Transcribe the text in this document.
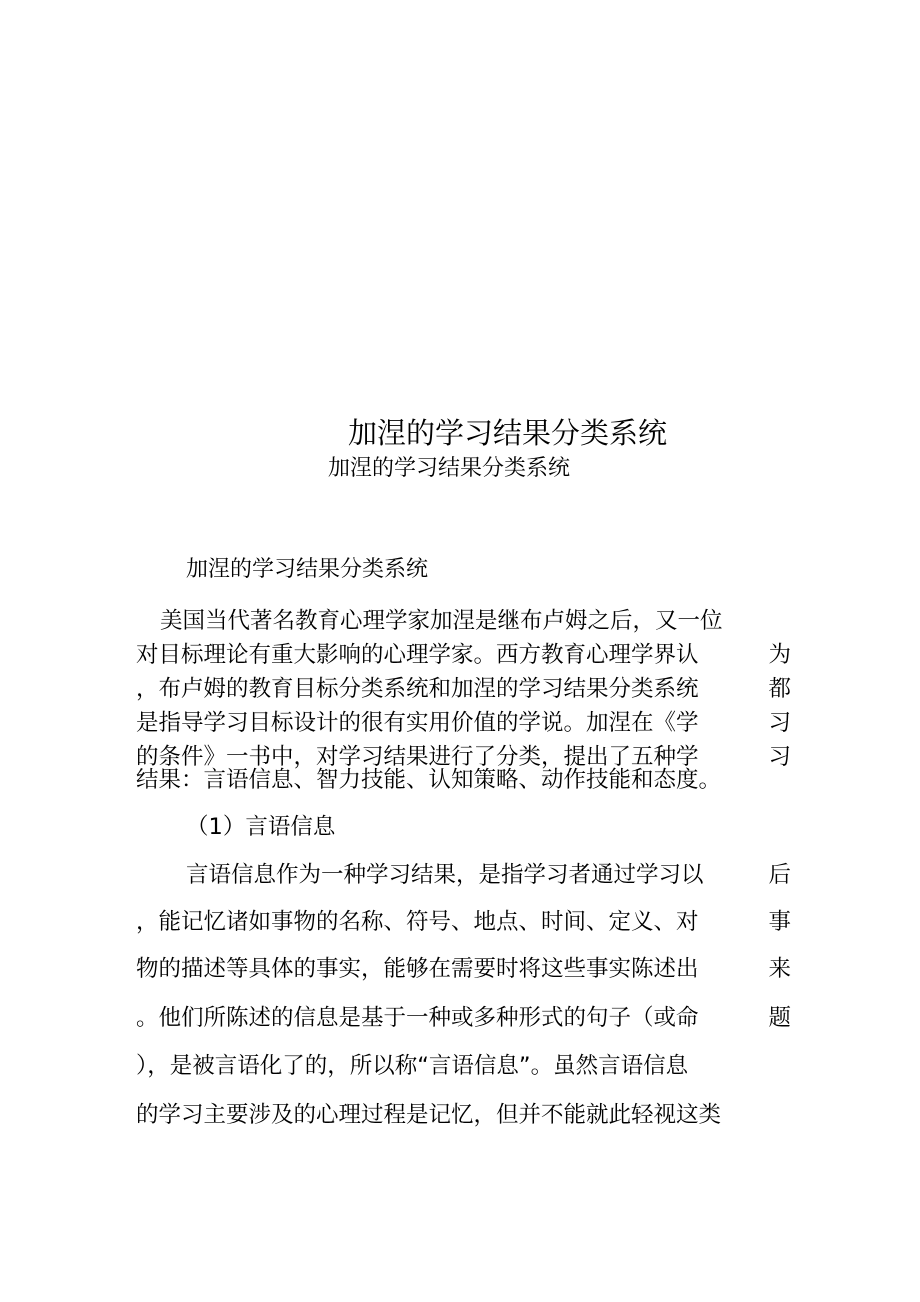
加涅的学习结果分类系统
加涅的学习结果分类系统
加涅的学习结果分类系统
美国当代著名教育心理学家加涅是继布卢姆之后，又一位
对目标理论有重大影响的心理学家。西方教育心理学界认	为
，布卢姆的教育目标分类系统和加涅的学习结果分类系统	都
是指导学习目标设计的很有实用价值的学说。加涅在《学	习
的条件》一书中，对学习结果进行了分类，提出了五种学	习
结果：言语信息、智力技能、认知策略、动作技能和态度。
（1）言语信息
言语信息作为一种学习结果，是指学习者通过学习以	后
，能记忆诸如事物的名称、符号、地点、时间、定义、对	事
物的描述等具体的事实，能够在需要时将这些事实陈述出	来
。他们所陈述的信息是基于一种或多种形式的句子（或命	题
），是被言语化了的，所以称“言语信息”。虽然言语信息
的学习主要涉及的心理过程是记忆，但并不能就此轻视这类
